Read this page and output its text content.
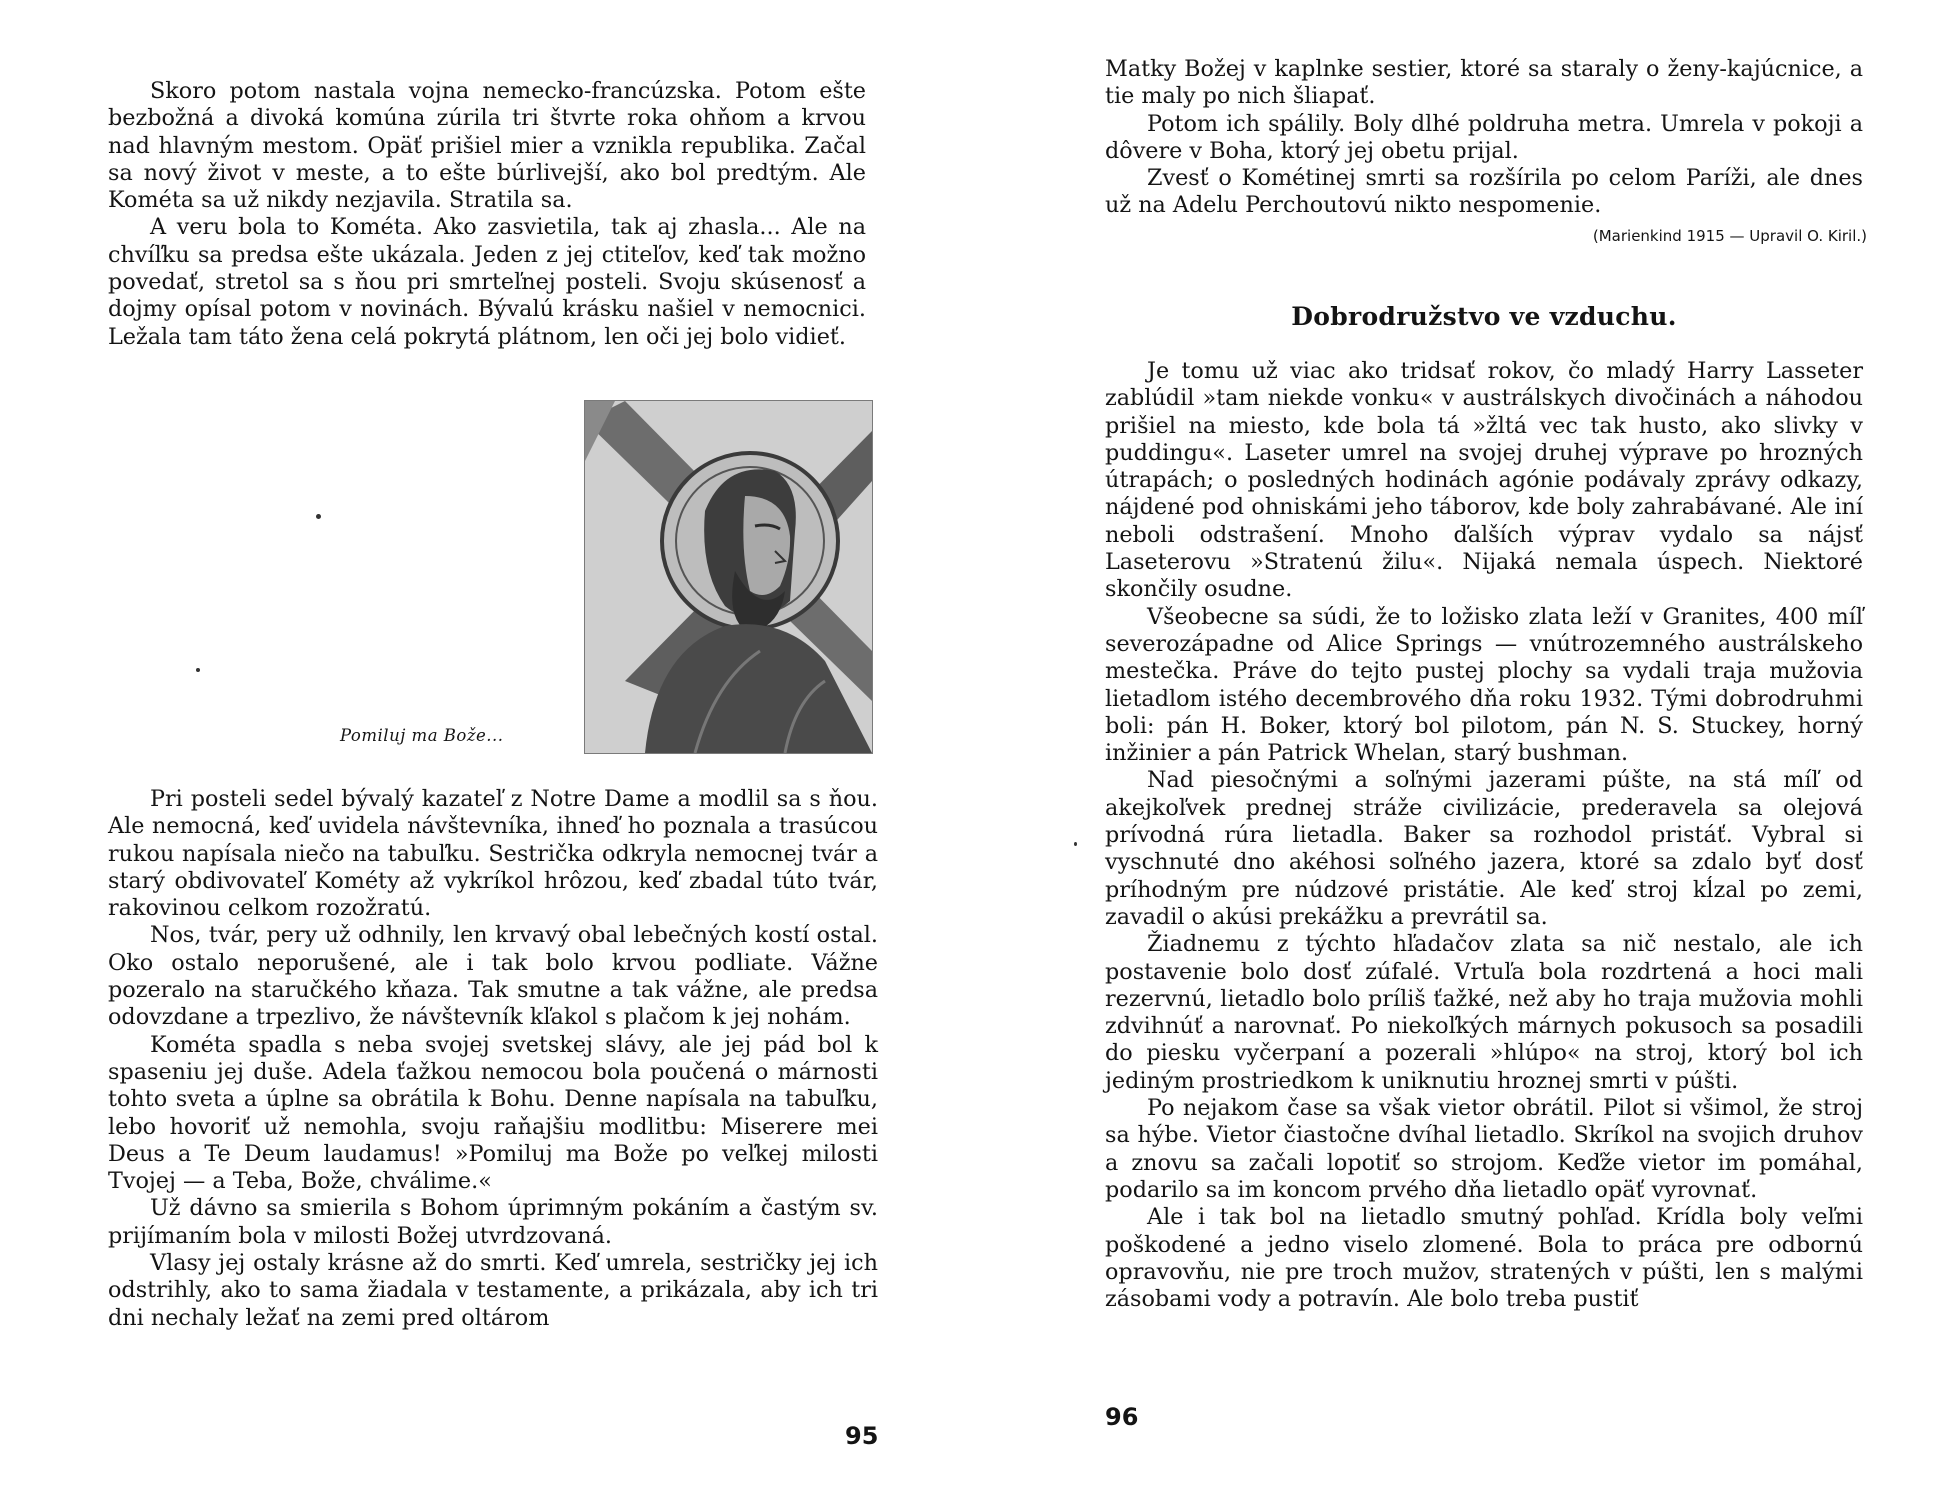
Skoro potom nastala vojna nemecko-francúzska. Potom ešte bezbožná a divoká komúna zúrila tri štvrte roka ohňom a krvou nad hlavným mestom. Opäť prišiel mier a vznikla republika. Začal sa nový život v meste, a to ešte búrlivejší, ako bol predtým. Ale Kométa sa už nikdy nezjavila. Stratila sa.

A veru bola to Kométa. Ako zasvietila, tak aj zhasla... Ale na chvíľku sa predsa ešte ukázala. Jeden z jej ctiteľov, keď tak možno povedať, stretol sa s ňou pri smrteľnej posteli. Svoju skúsenosť a dojmy opísal potom v novinách. Bývalú krásku našiel v nemocnici. Ležala tam táto žena celá pokrytá plátnom, len oči jej bolo vidieť.

Pomiluj ma Bože...

Pri posteli sedel bývalý kazateľ z Notre Dame a modlil sa s ňou. Ale nemocná, keď uvidela návštevníka, ihneď ho poznala a trasúcou rukou napísala niečo na tabuľku. Sestrička odkryla nemocnej tvár a starý obdivovateľ Kométy až vykríkol hrôzou, keď zbadal túto tvár, rakovinou celkom rozožratú.

Nos, tvár, pery už odhnily, len krvavý obal lebečných kostí ostal. Oko ostalo neporušené, ale i tak bolo krvou podliate. Vážne pozeralo na staručkého kňaza. Tak smutne a tak vážne, ale predsa odovzdane a trpezlivo, že návštevník kľakol s plačom k jej nohám.

Kométa spadla s neba svojej svetskej slávy, ale jej pád bol k spaseniu jej duše. Adela ťažkou nemocou bola poučená o márnosti tohto sveta a úplne sa obrátila k Bohu. Denne napísala na tabuľku, lebo hovoriť už nemohla, svoju raňajšiu modlitbu: Miserere mei Deus a Te Deum laudamus! »Pomiluj ma Bože po veľkej milosti Tvojej — a Teba, Bože, chválime.«

Už dávno sa smierila s Bohom úprimným pokáním a častým sv. prijímaním bola v milosti Božej utvrdzovaná.

Vlasy jej ostaly krásne až do smrti. Keď umrela, sestričky jej ich odstrihly, ako to sama žiadala v testamente, a prikázala, aby ich tri dni nechaly ležať na zemi pred oltárom

95

Matky Božej v kaplnke sestier, ktoré sa staraly o ženy-kajúcnice, a tie maly po nich šliapať.

Potom ich spálily. Boly dlhé poldruha metra. Umrela v pokoji a dôvere v Boha, ktorý jej obetu prijal.

Zvesť o Kométinej smrti sa rozšírila po celom Paríži, ale dnes už na Adelu Perchoutovú nikto nespomenie.

(Marienkind 1915 — Upravil O. Kiril.)
Dobrodružstvo ve vzduchu.

Je tomu už viac ako tridsať rokov, čo mladý Harry Lasseter zablúdil »tam niekde vonku« v austrálskych divočinách a náhodou prišiel na miesto, kde bola tá »žltá vec tak husto, ako slivky v puddingu«. Laseter umrel na svojej druhej výprave po hrozných útrapách; o posledných hodinách agónie podávaly zprávy odkazy, nájdené pod ohniskámi jeho táborov, kde boly zahrabávané. Ale iní neboli odstrašení. Mnoho ďalších výprav vydalo sa nájsť Laseterovu »Stratenú žilu«. Nijaká nemala úspech. Niektoré skončily osudne.

Všeobecne sa súdi, že to ložisko zlata leží v Granites, 400 míľ severozápadne od Alice Springs — vnútrozemného austrálskeho mestečka. Práve do tejto pustej plochy sa vydali traja mužovia lietadlom istého decembrového dňa roku 1932. Tými dobrodruhmi boli: pán H. Boker, ktorý bol pilotom, pán N. S. Stuckey, horný inžinier a pán Patrick Whelan, starý bushman.

Nad piesočnými a soľnými jazerami púšte, na stá míľ od akejkoľvek prednej stráže civilizácie, prederavela sa olejová prívodná rúra lietadla. Baker sa rozhodol pristáť. Vybral si vyschnuté dno akéhosi soľného jazera, ktoré sa zdalo byť dosť príhodným pre núdzové pristátie. Ale keď stroj kĺzal po zemi, zavadil o akúsi prekážku a prevrátil sa.

Žiadnemu z týchto hľadačov zlata sa nič nestalo, ale ich postavenie bolo dosť zúfalé. Vrtuľa bola rozdrtená a hoci mali rezervnú, lietadlo bolo príliš ťažké, než aby ho traja mužovia mohli zdvihnúť a narovnať. Po niekoľkých márnych pokusoch sa posadili do piesku vyčerpaní a pozerali »hlúpo« na stroj, ktorý bol ich jediným prostriedkom k uniknutiu hroznej smrti v púšti.

Po nejakom čase sa však vietor obrátil. Pilot si všimol, že stroj sa hýbe. Vietor čiastočne dvíhal lietadlo. Skríkol na svojich druhov a znovu sa začali lopotiť so strojom. Keďže vietor im pomáhal, podarilo sa im koncom prvého dňa lietadlo opäť vyrovnať.

Ale i tak bol na lietadlo smutný pohľad. Krídla boly veľmi poškodené a jedno viselo zlomené. Bola to práca pre odbornú opravovňu, nie pre troch mužov, stratených v púšti, len s malými zásobami vody a potravín. Ale bolo treba pustiť

96
